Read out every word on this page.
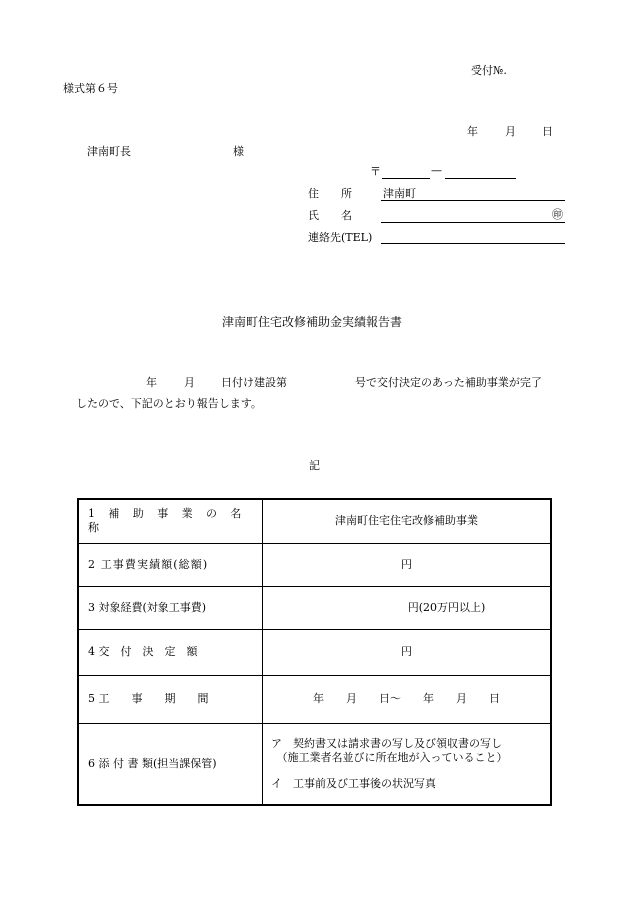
受付№.
様式第６号
年 月 日
津南町長	様
〒	—
住　　所	津南町
氏　　名	㊞
連絡先(TEL)
津南町住宅改修補助金実績報告書
年 月 日付け建設第	号で交付決定のあった補助事業が完了
したので、下記のとおり報告します。
記
1 補 助 事 業 の 名 称	津南町住宅住宅改修補助事業
2 工事費実績額(総額)	円
3 対象経費(対象工事費)	円(20万円以上)
4 交　付　決　定　額	円
5 工　　事　　期　　間	年　　月　　日～　　年　　月　　日
6 添 付 書 類(担当課保管)	ア　契約書又は請求書の写し及び領収書の写し
　（施工業者名並びに所在地が入っていること）
イ　工事前及び工事後の状況写真
